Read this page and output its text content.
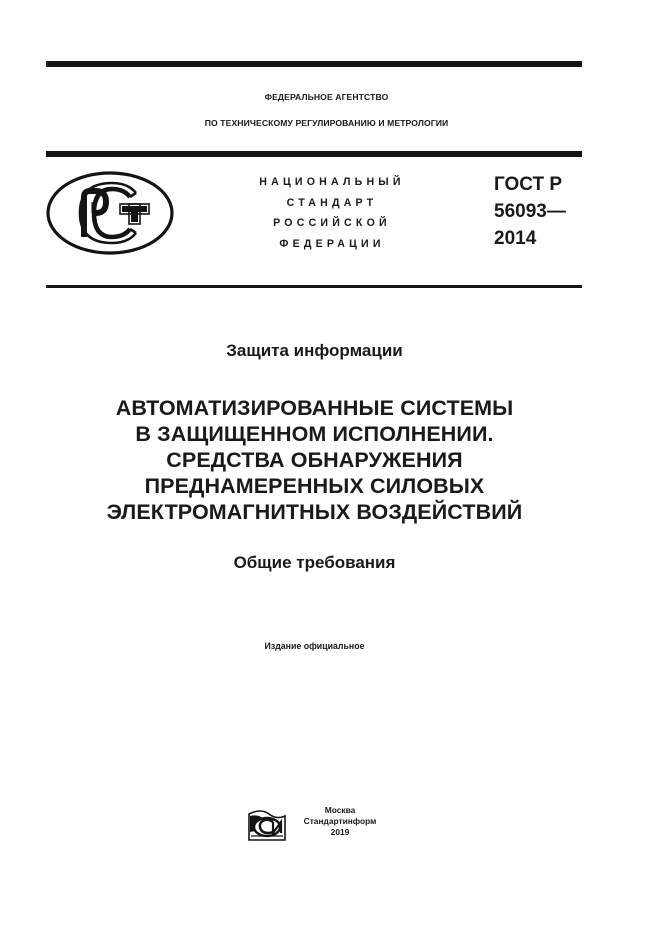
ФЕДЕРАЛЬНОЕ АГЕНТСТВО
ПО ТЕХНИЧЕСКОМУ РЕГУЛИРОВАНИЮ И МЕТРОЛОГИИ
НАЦИОНАЛЬНЫЙ
СТАНДАРТ
РОССИЙСКОЙ
ФЕДЕРАЦИИ
ГОСТ Р
56093—
2014
Защита информации
АВТОМАТИЗИРОВАННЫЕ СИСТЕМЫ
В ЗАЩИЩЕННОМ ИСПОЛНЕНИИ.
СРЕДСТВА ОБНАРУЖЕНИЯ
ПРЕДНАМЕРЕННЫХ СИЛОВЫХ
ЭЛЕКТРОМАГНИТНЫХ ВОЗДЕЙСТВИЙ
Общие требования
Издание официальное
Москва
Стандартинформ
2019
